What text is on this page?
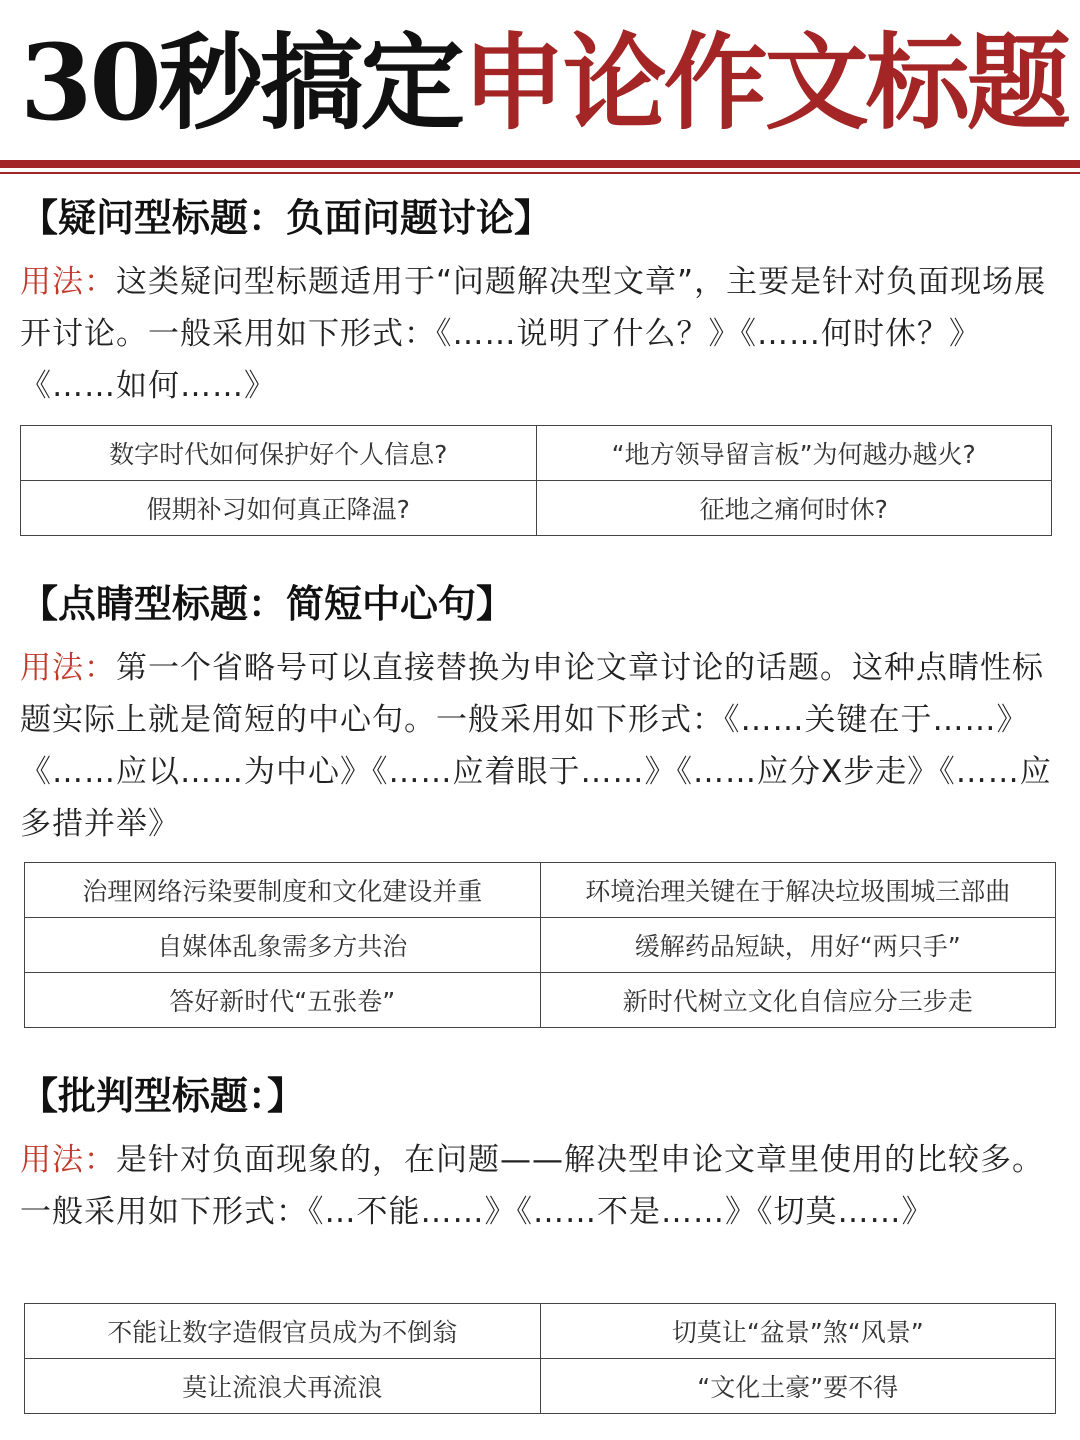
30秒搞定申论作文标题
【疑问型标题：负面问题讨论】
用法：这类疑问型标题适用于“问题解决型文章”，主要是针对负面现场展开讨论。一般采用如下形式：《……说明了什么？》《……何时休？》《……如何……》
数字时代如何保护好个人信息?	“地方领导留言板”为何越办越火?
假期补习如何真正降温?	征地之痛何时休?
【点睛型标题：简短中心句】
用法：第一个省略号可以直接替换为申论文章讨论的话题。这种点睛性标题实际上就是简短的中心句。一般采用如下形式：《……关键在于……》《……应以……为中心》《……应着眼于……》《……应分X步走》《……应多措并举》
治理网络污染要制度和文化建设并重	环境治理关键在于解决垃圾围城三部曲
自媒体乱象需多方共治	缓解药品短缺，用好“两只手”
答好新时代“五张卷”	新时代树立文化自信应分三步走
【批判型标题：】
用法：是针对负面现象的，在问题——解决型申论文章里使用的比较多。一般采用如下形式：《…不能……》《……不是……》《切莫……》
不能让数字造假官员成为不倒翁	切莫让“盆景”煞“风景”
莫让流浪犬再流浪	“文化土豪”要不得
